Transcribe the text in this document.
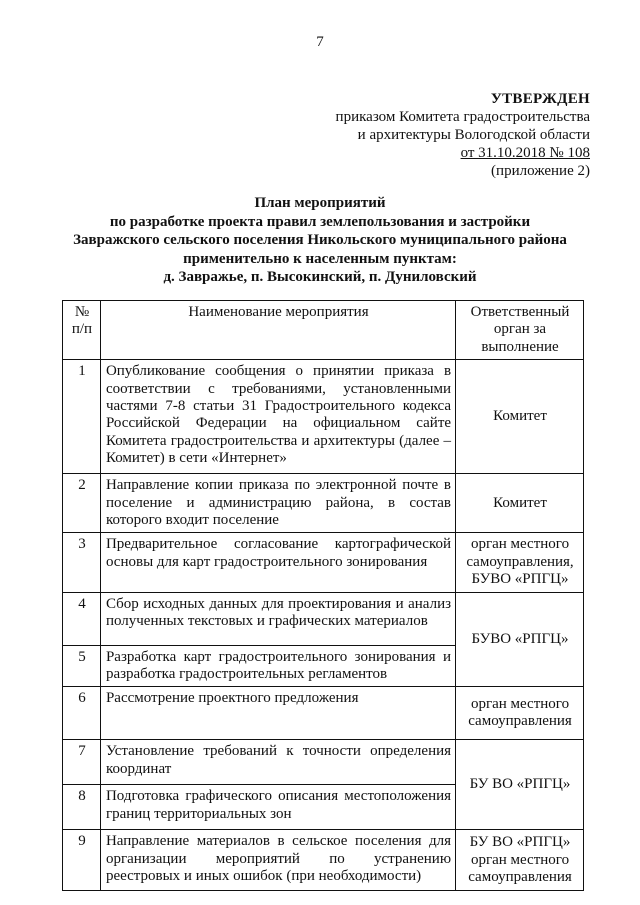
7
УТВЕРЖДЕН
приказом Комитета градостроительства
и архитектуры Вологодской области
от 31.10.2018 № 108
(приложение 2)
План мероприятий
по разработке проекта правил землепользования и застройки
Завражского сельского поселения Никольского муниципального района
применительно к населенным пунктам:
д. Завражье, п. Высокинский, п. Дуниловский
№ п/п	Наименование мероприятия	Ответственный орган за выполнение
1	Опубликование сообщения о принятии приказа в соответствии с требованиями, установленными частями 7-8 статьи 31 Градостроительного кодекса Российской Федерации на официальном сайте Комитета градостроительства и архитектуры (далее – Комитет) в сети «Интернет»	Комитет
2	Направление копии приказа по электронной почте в поселение и администрацию района, в состав которого входит поселение	Комитет
3	Предварительное согласование картографической основы для карт градостроительного зонирования	орган местного самоуправления, БУВО «РПГЦ»
4	Сбор исходных данных для проектирования и анализ полученных текстовых и графических материалов	БУВО «РПГЦ»
5	Разработка карт градостроительного зонирования и разработка градостроительных регламентов	
6	Рассмотрение проектного предложения	орган местного самоуправления
7	Установление требований к точности определения координат	БУ ВО «РПГЦ»
8	Подготовка графического описания местоположения границ территориальных зон	
9	Направление материалов в сельское поселения для организации мероприятий по устранению реестровых и иных ошибок (при необходимости)	БУ ВО «РПГЦ» орган местного самоуправления
